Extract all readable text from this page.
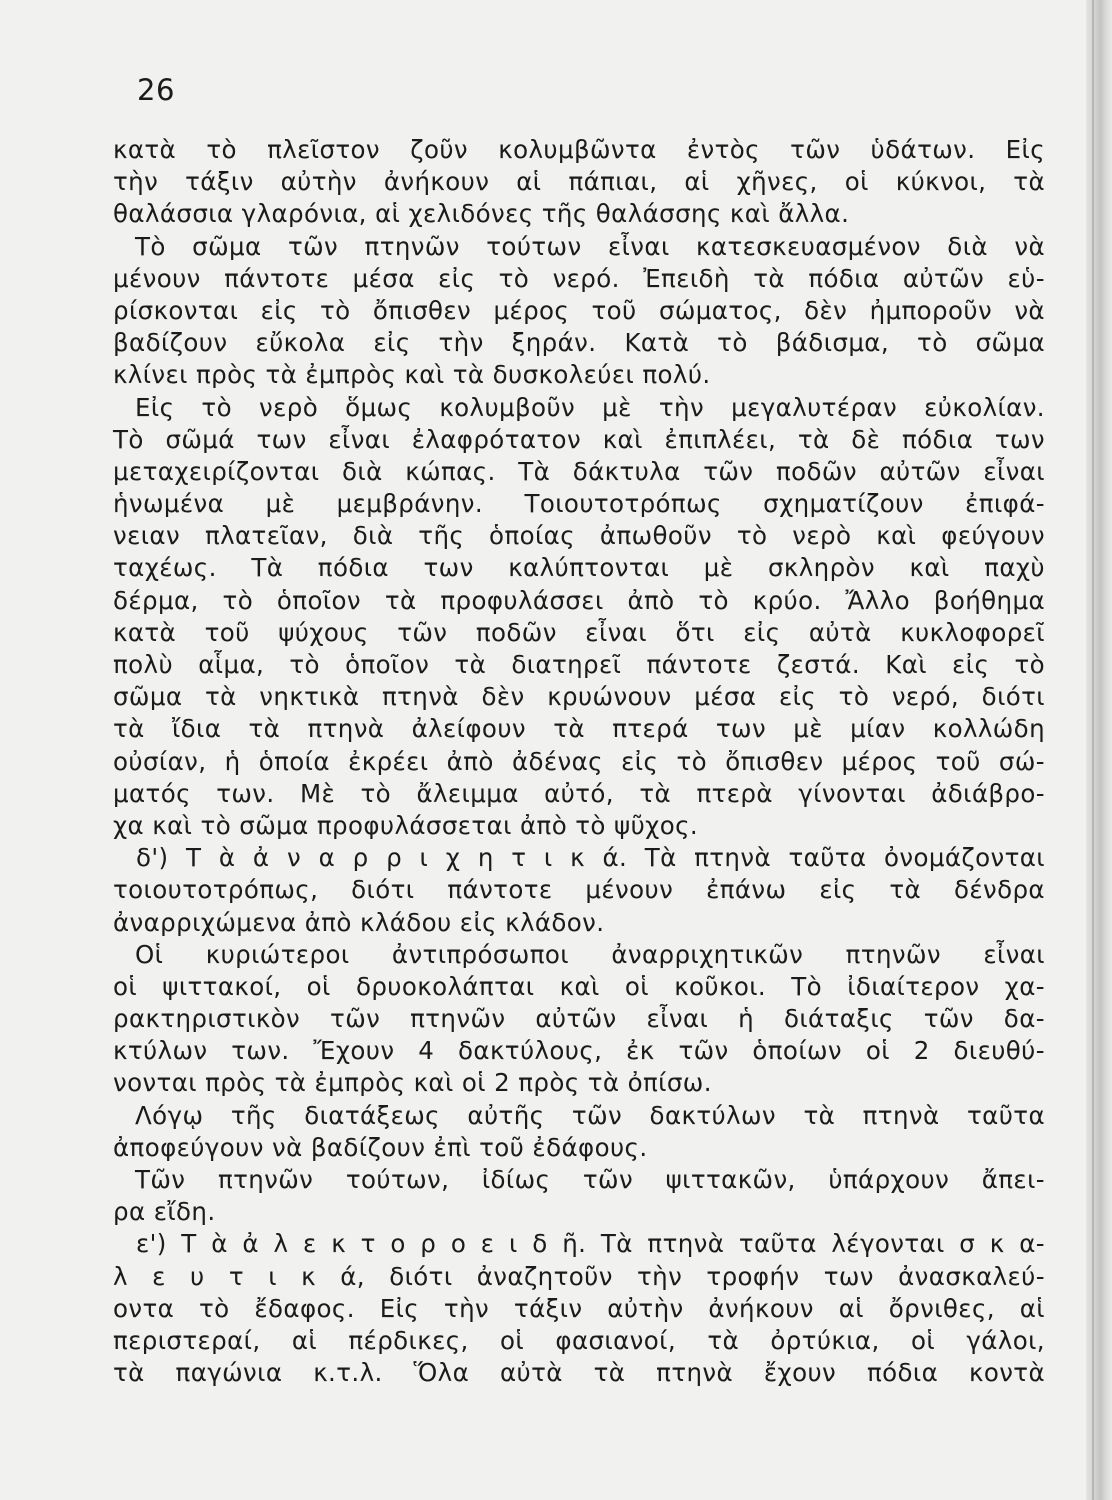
26
κατὰ τὸ πλεῖστον ζοῦν κολυμβῶντα ἐντὸς τῶν ὑδάτων. Εἰς
τὴν τάξιν αὐτὴν ἀνήκουν αἱ πάπιαι, αἱ χῆνες, οἱ κύκνοι, τὰ
θαλάσσια γλαρόνια, αἱ χελιδόνες τῆς θαλάσσης καὶ ἄλλα.
Τὸ σῶμα τῶν πτηνῶν τούτων εἶναι κατεσκευασμένον διὰ νὰ
μένουν πάντοτε μέσα εἰς τὸ νερό. Ἐπειδὴ τὰ πόδια αὐτῶν εὑ-
ρίσκονται εἰς τὸ ὄπισθεν μέρος τοῦ σώματος, δὲν ἠμποροῦν νὰ
βαδίζουν εὔκολα εἰς τὴν ξηράν. Κατὰ τὸ βάδισμα, τὸ σῶμα
κλίνει πρὸς τὰ ἐμπρὸς καὶ τὰ δυσκολεύει πολύ.
Εἰς τὸ νερὸ ὅμως κολυμβοῦν μὲ τὴν μεγαλυτέραν εὐκολίαν.
Τὸ σῶμά των εἶναι ἐλαφρότατον καὶ ἐπιπλέει, τὰ δὲ πόδια των
μεταχειρίζονται διὰ κώπας. Τὰ δάκτυλα τῶν ποδῶν αὐτῶν εἶναι
ἡνωμένα μὲ μεμβράνην. Τοιουτοτρόπως σχηματίζουν ἐπιφά-
νειαν πλατεῖαν, διὰ τῆς ὁποίας ἀπωθοῦν τὸ νερὸ καὶ φεύγουν
ταχέως. Τὰ πόδια των καλύπτονται μὲ σκληρὸν καὶ παχὺ
δέρμα, τὸ ὁποῖον τὰ προφυλάσσει ἀπὸ τὸ κρύο. Ἄλλο βοήθημα
κατὰ τοῦ ψύχους τῶν ποδῶν εἶναι ὅτι εἰς αὐτὰ κυκλοφορεῖ
πολὺ αἷμα, τὸ ὁποῖον τὰ διατηρεῖ πάντοτε ζεστά. Καὶ εἰς τὸ
σῶμα τὰ νηκτικὰ πτηνὰ δὲν κρυώνουν μέσα εἰς τὸ νερό, διότι
τὰ ἴδια τὰ πτηνὰ ἀλείφουν τὰ πτερά των μὲ μίαν κολλώδη
οὐσίαν, ἡ ὁποία ἐκρέει ἀπὸ ἀδένας εἰς τὸ ὄπισθεν μέρος τοῦ σώ-
ματός των. Μὲ τὸ ἄλειμμα αὐτό, τὰ πτερὰ γίνονται ἀδιάβρο-
χα καὶ τὸ σῶμα προφυλάσσεται ἀπὸ τὸ ψῦχος.
δ') Τ ὰ ἀ ν α ρ ρ ι χ η τ ι κ ά. Τὰ πτηνὰ ταῦτα ὀνομάζονται
τοιουτοτρόπως, διότι πάντοτε μένουν ἐπάνω εἰς τὰ δένδρα
ἀναρριχώμενα ἀπὸ κλάδου εἰς κλάδον.
Οἱ κυριώτεροι ἀντιπρόσωποι ἀναρριχητικῶν πτηνῶν εἶναι
οἱ ψιττακοί, οἱ δρυοκολάπται καὶ οἱ κοῦκοι. Τὸ ἰδιαίτερον χα-
ρακτηριστικὸν τῶν πτηνῶν αὐτῶν εἶναι ἡ διάταξις τῶν δα-
κτύλων των. Ἔχουν 4 δακτύλους, ἐκ τῶν ὁποίων οἱ 2 διευθύ-
νονται πρὸς τὰ ἐμπρὸς καὶ οἱ 2 πρὸς τὰ ὀπίσω.
Λόγῳ τῆς διατάξεως αὐτῆς τῶν δακτύλων τὰ πτηνὰ ταῦτα
ἀποφεύγουν νὰ βαδίζουν ἐπὶ τοῦ ἐδάφους.
Τῶν πτηνῶν τούτων, ἰδίως τῶν ψιττακῶν, ὑπάρχουν ἄπει-
ρα εἴδη.
ε') Τ ὰ ἀ λ ε κ τ ο ρ ο ε ι δ ῆ. Τὰ πτηνὰ ταῦτα λέγονται σ κ α-
λ ε υ τ ι κ ά, διότι ἀναζητοῦν τὴν τροφήν των ἀνασκαλεύ-
οντα τὸ ἔδαφος. Εἰς τὴν τάξιν αὐτὴν ἀνήκουν αἱ ὄρνιθες, αἱ
περιστεραί, αἱ πέρδικες, οἱ φασιανοί, τὰ ὀρτύκια, οἱ γάλοι,
τὰ παγώνια κ.τ.λ. Ὅλα αὐτὰ τὰ πτηνὰ ἔχουν πόδια κοντὰ
